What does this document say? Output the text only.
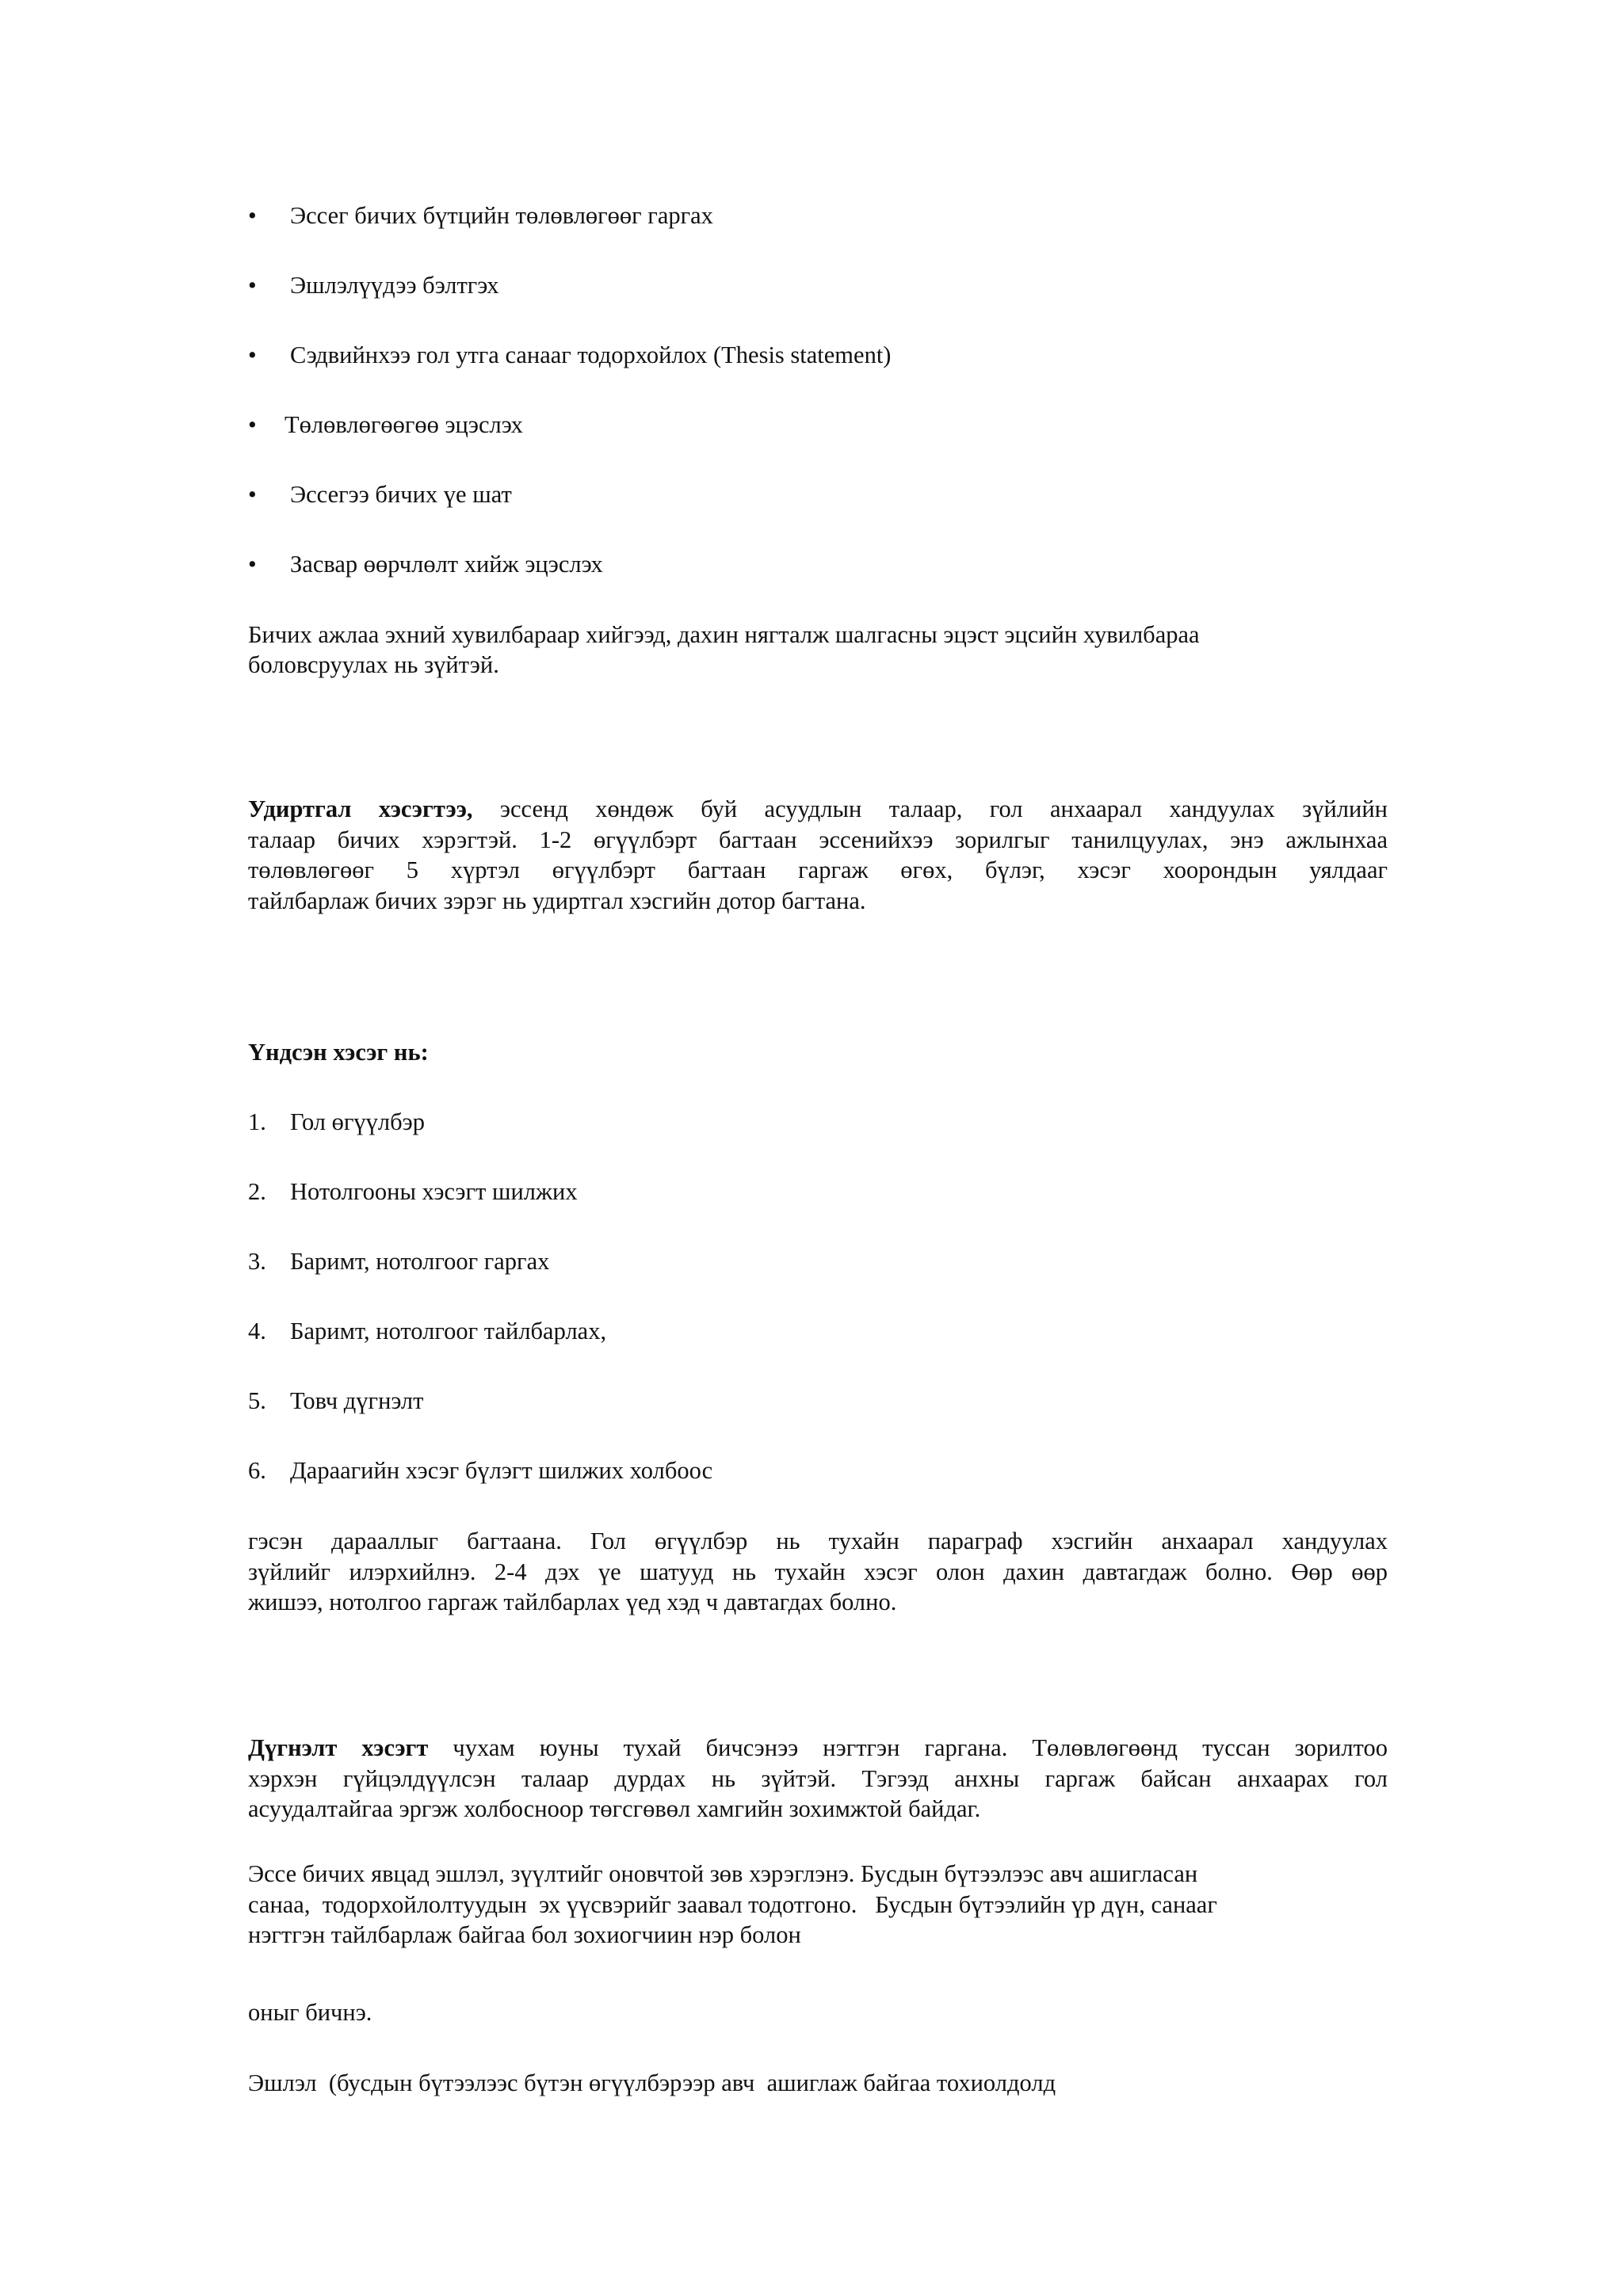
• Эссег бичих бүтцийн төлөвлөгөөг гаргах
• Эшлэлүүдээ бэлтгэх
• Сэдвийнхээ гол утга санааг тодорхойлох (Thesis statement)
• Төлөвлөгөөгөө эцэслэх
• Эссегээ бичих үе шат
• Засвар өөрчлөлт хийж эцэслэх
Бичих ажлаа эхний хувилбараар хийгээд, дахин нягталж шалгасны эцэст эцсийн хувилбараа
боловсруулах нь зүйтэй.
Удиртгал хэсэгтээ, эссенд хөндөж буй асуудлын талаар, гол анхаарал хандуулах зүйлийн
талаар бичих хэрэгтэй. 1-2 өгүүлбэрт багтаан эссенийхээ зорилгыг танилцуулах, энэ ажлынхаа
төлөвлөгөөг 5 хүртэл өгүүлбэрт багтаан гаргаж өгөх, бүлэг, хэсэг хоорондын уялдааг
тайлбарлаж бичих зэрэг нь удиртгал хэсгийн дотор багтана.
Үндсэн хэсэг нь:
1. Гол өгүүлбэр
2. Нотолгооны хэсэгт шилжих
3. Баримт, нотолгоог гаргах
4. Баримт, нотолгоог тайлбарлах,
5. Товч дүгнэлт
6. Дараагийн хэсэг бүлэгт шилжих холбоос
гэсэн дарааллыг багтаана. Гол өгүүлбэр нь тухайн параграф хэсгийн анхаарал хандуулах
зүйлийг илэрхийлнэ. 2-4 дэх үе шатууд нь тухайн хэсэг олон дахин давтагдаж болно. Өөр өөр
жишээ, нотолгоо гаргаж тайлбарлах үед хэд ч давтагдах болно.
Дүгнэлт хэсэгт чухам юуны тухай бичсэнээ нэгтгэн гаргана. Төлөвлөгөөнд туссан зорилтоо
хэрхэн гүйцэлдүүлсэн талаар дурдах нь зүйтэй. Тэгээд анхны гаргаж байсан анхаарах гол
асуудалтайгаа эргэж холбосноор төгсгөвөл хамгийн зохимжтой байдаг.
Эссе бичих явцад эшлэл, зүүлтийг оновчтой зөв хэрэглэнэ. Бусдын бүтээлээс авч ашигласан
санаа,  тодорхойлолтуудын  эх үүсвэрийг заавал тодотгоно.   Бусдын бүтээлийн үр дүн, санааг
нэгтгэн тайлбарлаж байгаа бол зохиогчиин нэр болон
оныг бичнэ.
Эшлэл  (бусдын бүтээлээс бүтэн өгүүлбэрээр авч  ашиглаж байгаа тохиолдолд
